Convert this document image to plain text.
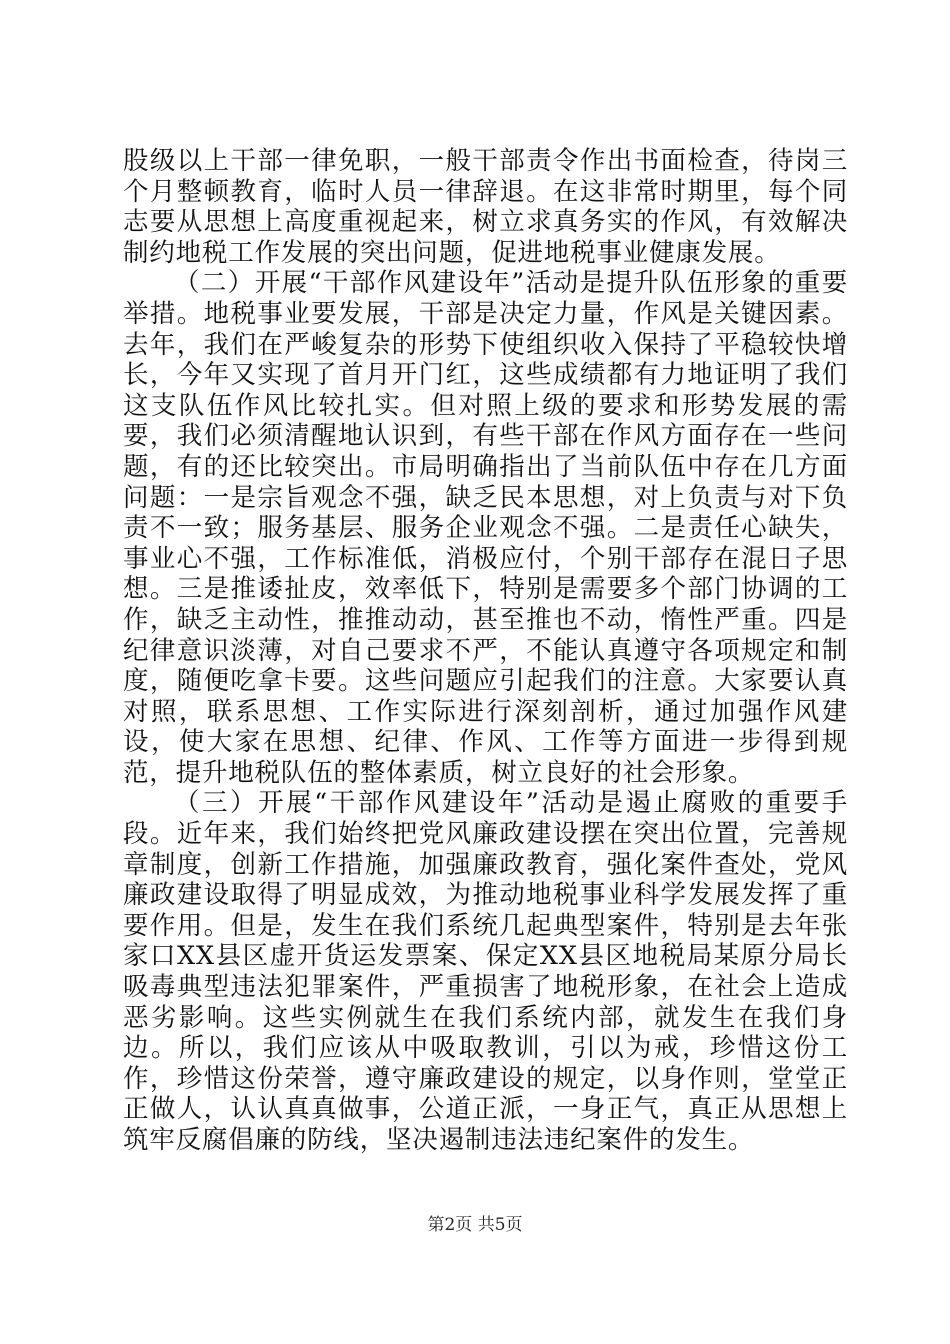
股级以上干部一律免职，一般干部责令作出书面检查，待岗三个月整顿教育，临时人员一律辞退。在这非常时期里，每个同志要从思想上高度重视起来，树立求真务实的作风，有效解决制约地税工作发展的突出问题，促进地税事业健康发展。

（二）开展“干部作风建设年”活动是提升队伍形象的重要举措。地税事业要发展，干部是决定力量，作风是关键因素。去年，我们在严峻复杂的形势下使组织收入保持了平稳较快增长，今年又实现了首月开门红，这些成绩都有力地证明了我们这支队伍作风比较扎实。但对照上级的要求和形势发展的需要，我们必须清醒地认识到，有些干部在作风方面存在一些问题，有的还比较突出。市局明确指出了当前队伍中存在几方面问题：一是宗旨观念不强，缺乏民本思想，对上负责与对下负责不一致；服务基层、服务企业观念不强。二是责任心缺失，事业心不强，工作标准低，消极应付，个别干部存在混日子思想。三是推诿扯皮，效率低下，特别是需要多个部门协调的工作，缺乏主动性，推推动动，甚至推也不动，惰性严重。四是纪律意识淡薄，对自己要求不严，不能认真遵守各项规定和制度，随便吃拿卡要。这些问题应引起我们的注意。大家要认真对照，联系思想、工作实际进行深刻剖析，通过加强作风建设，使大家在思想、纪律、作风、工作等方面进一步得到规范，提升地税队伍的整体素质，树立良好的社会形象。

（三）开展“干部作风建设年”活动是遏止腐败的重要手段。近年来，我们始终把党风廉政建设摆在突出位置，完善规章制度，创新工作措施，加强廉政教育，强化案件查处，党风廉政建设取得了明显成效，为推动地税事业科学发展发挥了重要作用。但是，发生在我们系统几起典型案件，特别是去年张家口XX县区虚开货运发票案、保定XX县区地税局某原分局长吸毒典型违法犯罪案件，严重损害了地税形象，在社会上造成恶劣影响。这些实例就生在我们系统内部，就发生在我们身边。所以，我们应该从中吸取教训，引以为戒，珍惜这份工作，珍惜这份荣誉，遵守廉政建设的规定，以身作则，堂堂正正做人，认认真真做事，公道正派，一身正气，真正从思想上筑牢反腐倡廉的防线，坚决遏制违法违纪案件的发生。

第2页 共5页
